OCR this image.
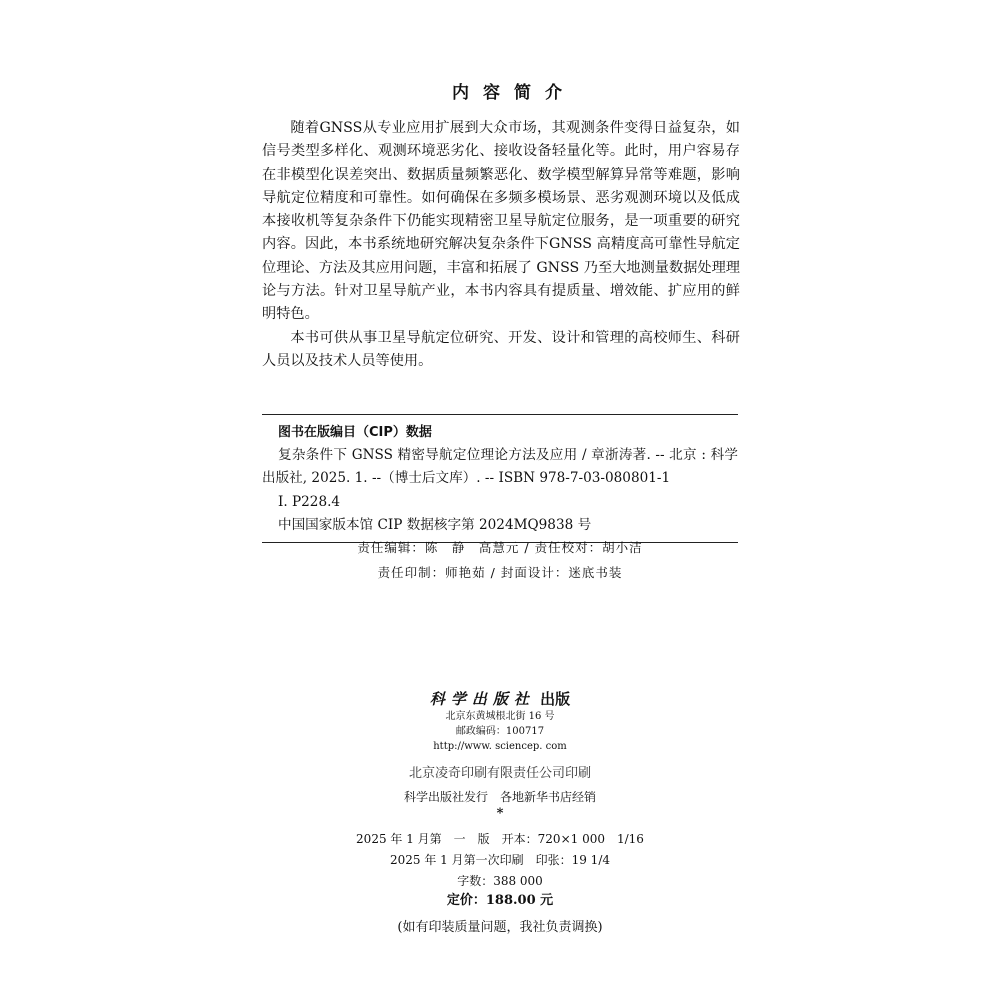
内容简介

随着GNSS从专业应用扩展到大众市场，其观测条件变得日益复杂，如信号类型多样化、观测环境恶劣化、接收设备轻量化等。此时，用户容易存在非模型化误差突出、数据质量频繁恶化、数学模型解算异常等难题，影响导航定位精度和可靠性。如何确保在多频多模场景、恶劣观测环境以及低成本接收机等复杂条件下仍能实现精密卫星导航定位服务，是一项重要的研究内容。因此，本书系统地研究解决复杂条件下GNSS 高精度高可靠性导航定位理论、方法及其应用问题，丰富和拓展了 GNSS 乃至大地测量数据处理理论与方法。针对卫星导航产业，本书内容具有提质量、增效能、扩应用的鲜明特色。

本书可供从事卫星导航定位研究、开发、设计和管理的高校师生、科研人员以及技术人员等使用。

图书在版编目（CIP）数据
复杂条件下 GNSS 精密导航定位理论方法及应用 / 章浙涛著. -- 北京 : 科学出版社, 2025. 1. --（博士后文库）. -- ISBN 978-7-03-080801-1
Ⅰ. P228.4
中国国家版本馆 CIP 数据核字第 2024MQ9838 号
责任编辑：陈　静　高慧元 / 责任校对：胡小洁
责任印制：师艳茹 / 封面设计：迷底书装
科学出版社 出版
北京东黄城根北街 16 号
邮政编码：100717
http://www. sciencep. com
北京凌奇印刷有限责任公司印刷
科学出版社发行　各地新华书店经销
*
2025 年 1 月第　一　版　开本：720×1 000　1/16
2025 年 1 月第一次印刷　印张：19 1/4
字数：388 000
定价：188.00 元
(如有印装质量问题，我社负责调换)
